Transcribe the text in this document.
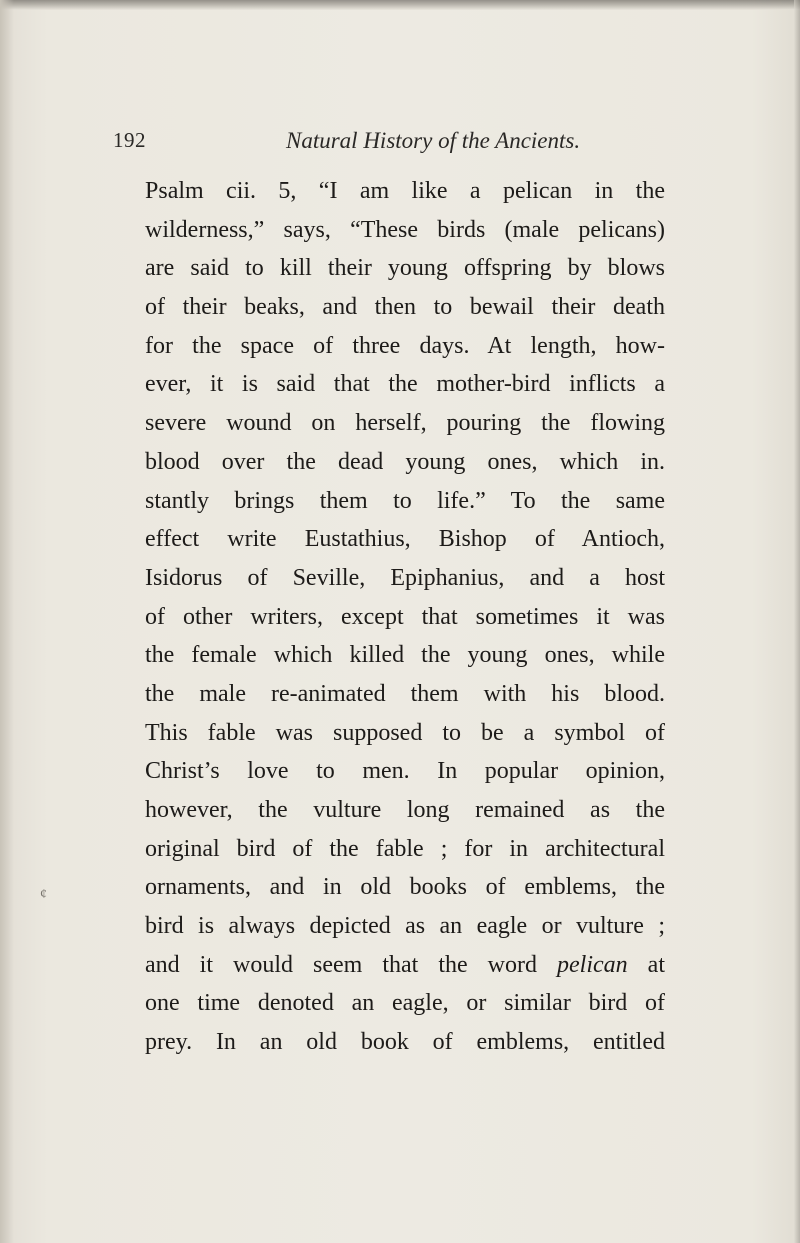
192	Natural History of the Ancients.
¢
Psalm cii. 5, “I am like a pelican in the
wilderness,” says, “These birds (male pelicans)
are said to kill their young offspring by blows
of their beaks, and then to bewail their death
for the space of three days. At length, how-
ever, it is said that the mother-bird inflicts a
severe wound on herself, pouring the flowing
blood over the dead young ones, which in.
stantly brings them to life.” To the same
effect write Eustathius, Bishop of Antioch,
Isidorus of Seville, Epiphanius, and a host
of other writers, except that sometimes it was
the female which killed the young ones, while
the male re-animated them with his blood.
This fable was supposed to be a symbol of
Christ’s love to men. In popular opinion,
however, the vulture long remained as the
original bird of the fable ; for in architectural
ornaments, and in old books of emblems, the
bird is always depicted as an eagle or vulture ;
and it would seem that the word pelican at
one time denoted an eagle, or similar bird of
prey. In an old book of emblems, entitled
